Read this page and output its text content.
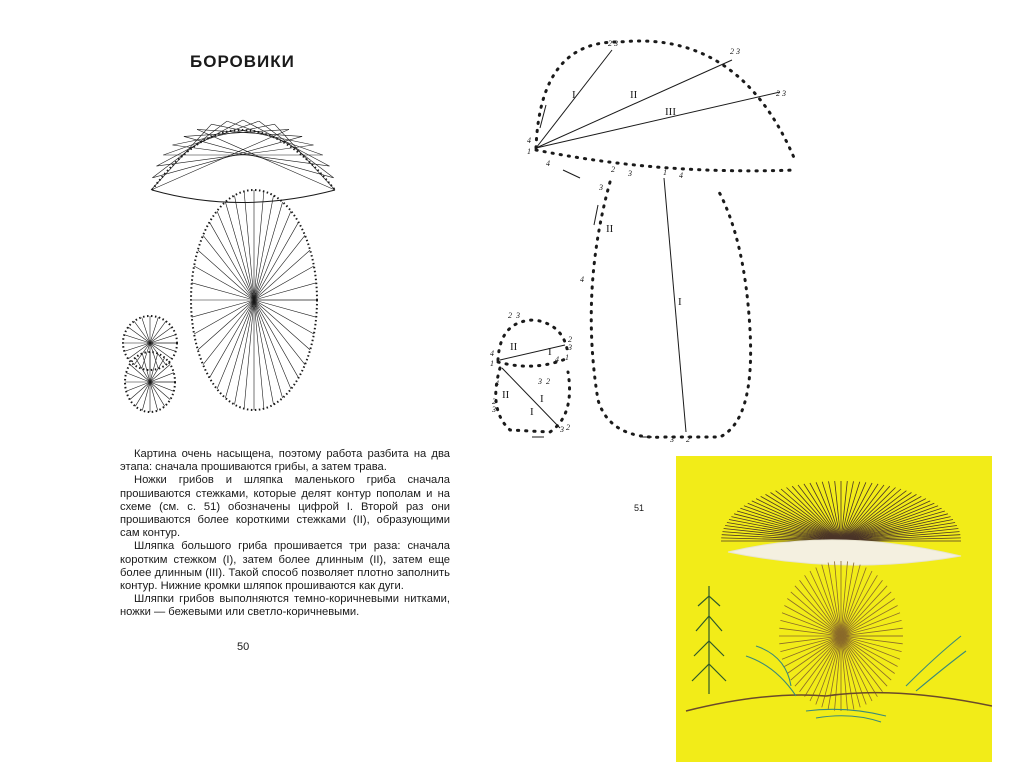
БОРОВИКИ

Картина очень насыщена, поэтому работа разбита на два этапа: сначала прошиваются грибы, а затем трава.

Ножки грибов и шляпка маленького гриба сначала прошиваются стежками, которые делят контур пополам и на схеме (см. с. 51) обозначены цифрой I. Второй раз они прошиваются более короткими стежками (II), образующими сам контур.

Шляпка большого гриба прошивается три раза: сначала коротким стежком (I), затем более длинным (II), затем еще более длинным (III). Такой способ позволяет плотно заполнить контур. Нижние кромки шляпок прошиваются как дуги.

Шляпки грибов выполняются темно-коричневыми нитками, ножки — бежевыми или светло-коричневыми.

50
I	II
III
I
II
II	I
I
II
I
2 3
2 3
2 3
4
1
4
2 3	1 4
3
4
2
3
1
4
4	3 2
1
4
3
2
3
2
3
2
3 2
51
